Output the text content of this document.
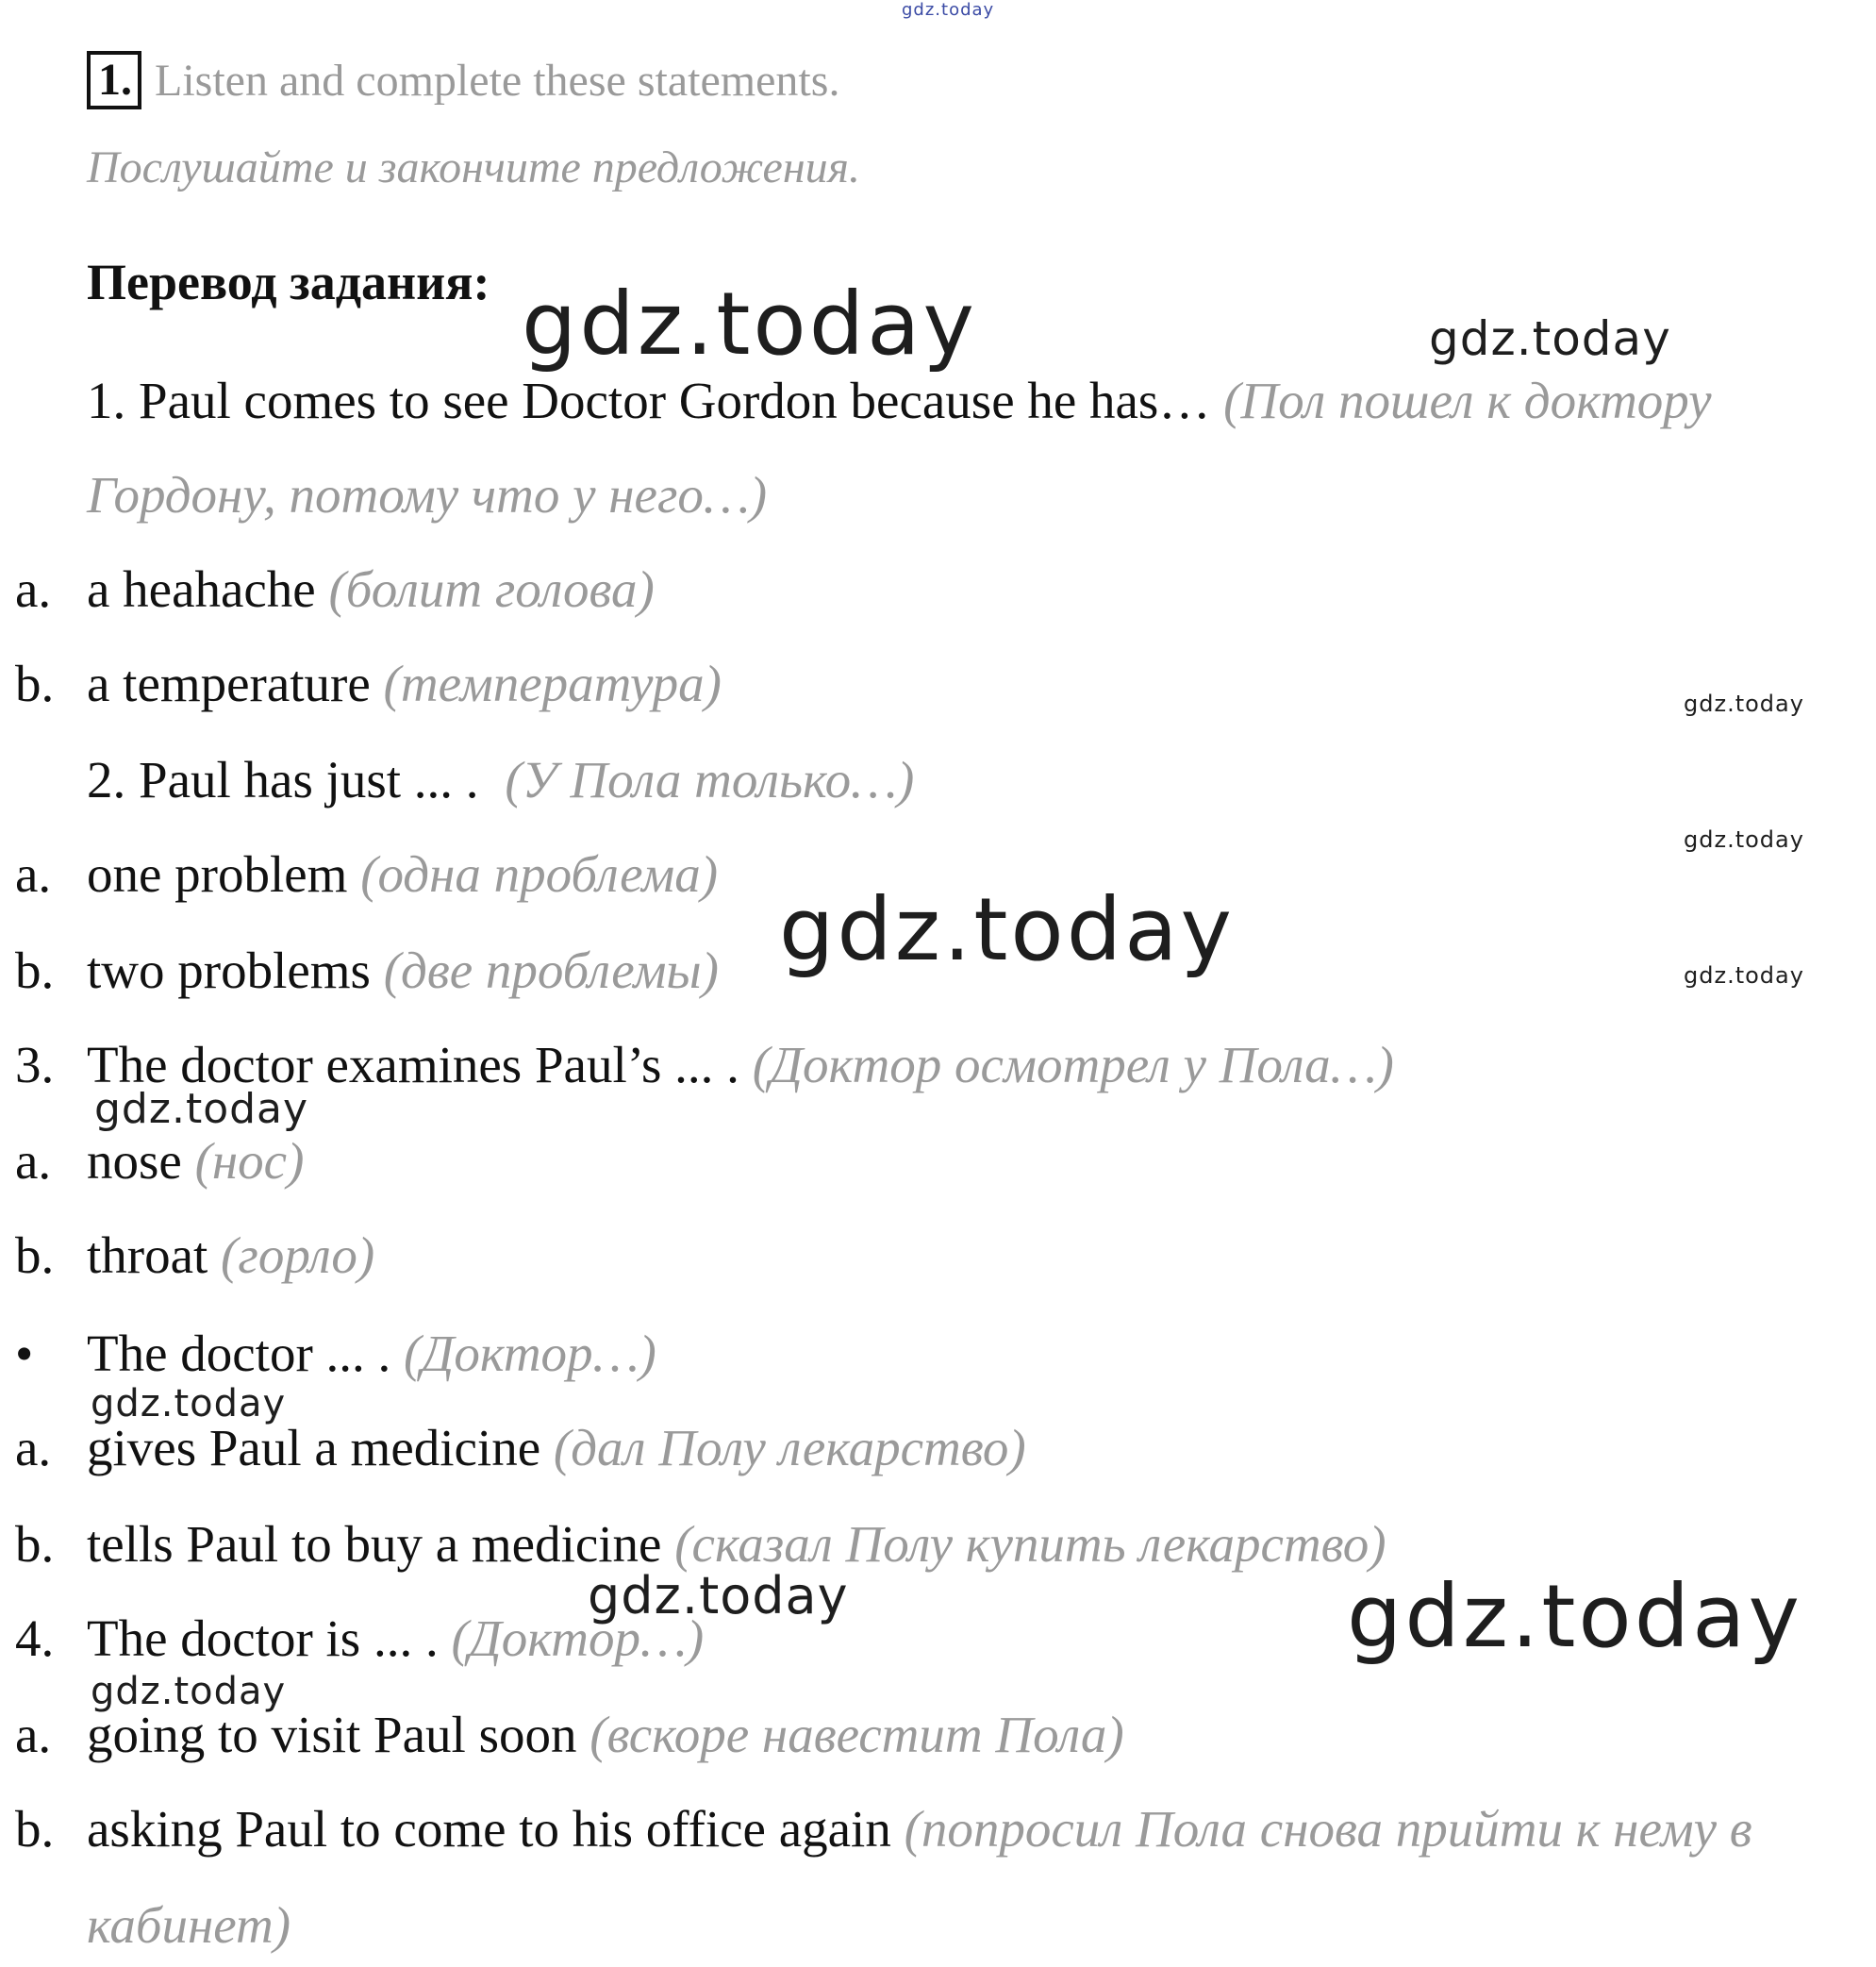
gdz.today
1. Listen and complete these statements.
Послушайте и закончите предложения.
Перевод задания:
1. Paul comes to see Doctor Gordon because he has… (Пол пошел к доктору
Гордону, потому что у него…)
a. a heahache (болит голова)
b. a temperature (температура)
2. Paul has just ... . (У Пола только…)
a. one problem (одна проблема)
b. two problems (две проблемы)
3. The doctor examines Paul’s ... . (Доктор осмотрел у Пола…)
a. nose (нос)
b. throat (горло)
• The doctor ... . (Доктор…)
a. gives Paul a medicine (дал Полу лекарство)
b. tells Paul to buy a medicine (сказал Полу купить лекарство)
4. The doctor is ... . (Доктор…)
a. going to visit Paul soon (вскоре навестит Пола)
b. asking Paul to come to his office again (попросил Пола снова прийти к нему в
кабинет)
gdz.today	gdz.today
gdz.today
gdz.today
gdz.today
gdz.today
gdz.today
gdz.today
gdz.today	gdz.today
gdz.today
